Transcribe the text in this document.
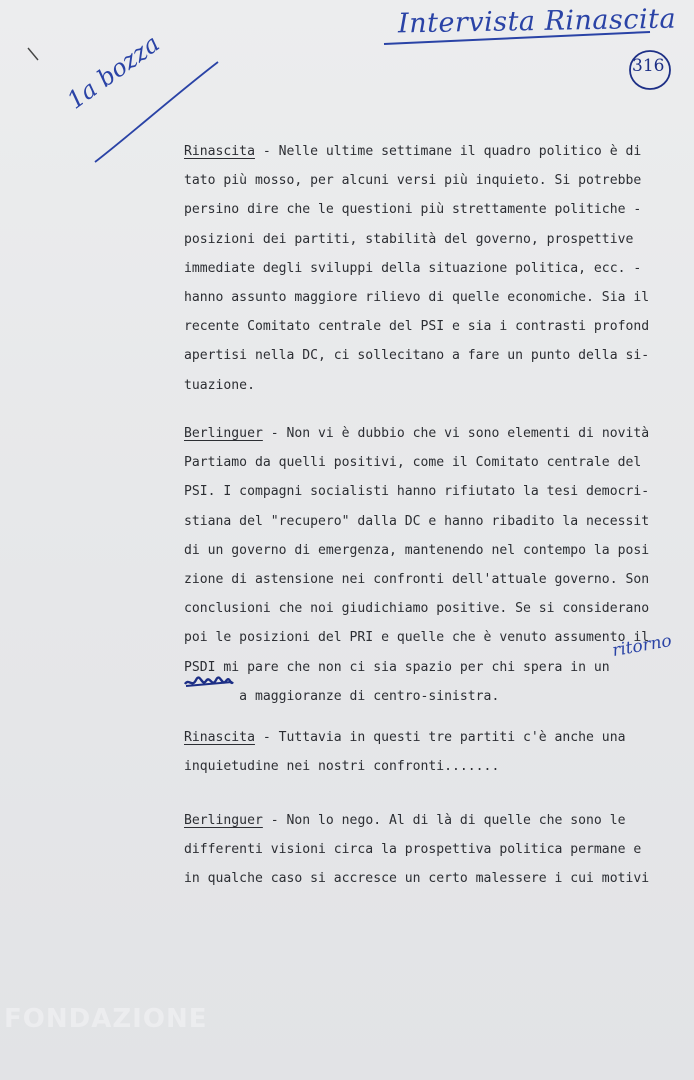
Intervista Rinascita
1a bozza	316
ritorno
Rinascita - Nelle ultime settimane il quadro politico è di
tato più mosso, per alcuni versi più inquieto. Si potrebbe
persino dire che le questioni più strettamente politiche -
posizioni dei partiti, stabilità del governo, prospettive
immediate degli sviluppi della situazione politica, ecc. -
hanno assunto maggiore rilievo di quelle economiche. Sia il
recente Comitato centrale del PSI e sia i contrasti profond
apertisi nella DC, ci sollecitano a fare un punto della si-
tuazione.
Berlinguer - Non vi è dubbio che vi sono elementi di novità
Partiamo da quelli positivi, come il Comitato centrale del
PSI. I compagni socialisti hanno rifiutato la tesi democri-
stiana del "recupero" dalla DC e hanno ribadito la necessit
di un governo di emergenza, mantenendo nel contempo la posi
zione di astensione nei confronti dell'attuale governo. Son
conclusioni che noi giudichiamo positive. Se si considerano
poi le posizioni del PRI e quelle che è venuto assumento il
PSDI mi pare che non ci sia spazio per chi spera in un
a maggioranze di centro-sinistra.
Rinascita - Tuttavia in questi tre partiti c'è anche una
inquietudine nei nostri confronti.......
Berlinguer - Non lo nego. Al di là di quelle che sono le
differenti visioni circa la prospettiva politica permane e
in qualche caso si accresce un certo malessere i cui motivi
FONDAZIONE
